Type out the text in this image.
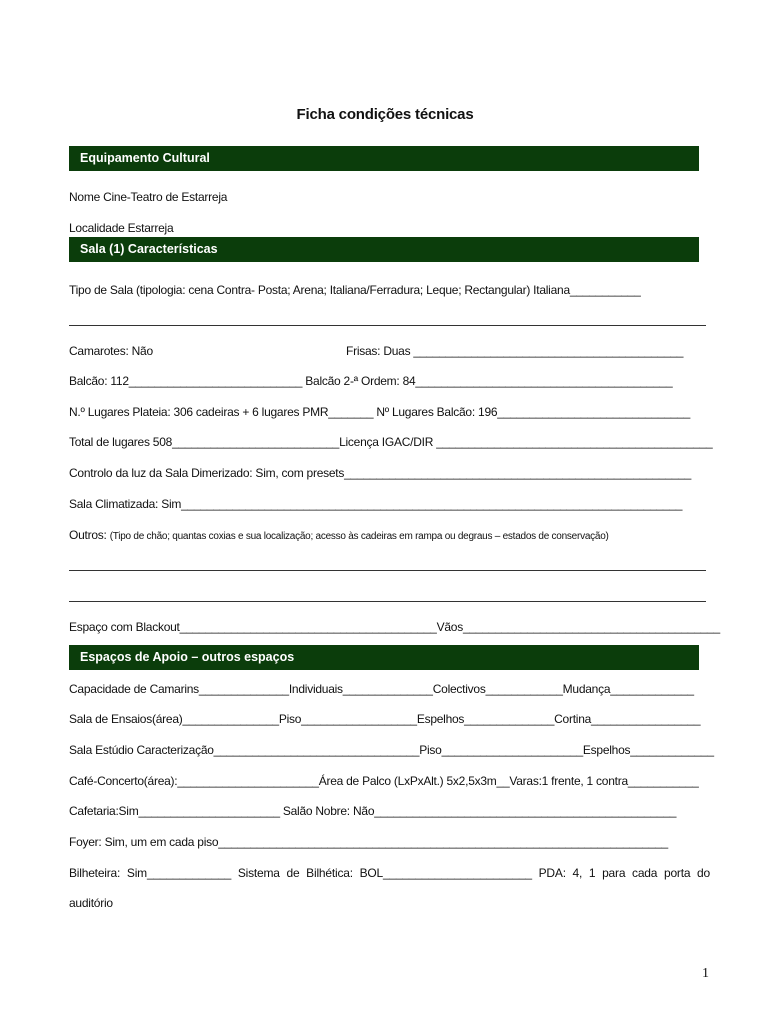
Ficha condições técnicas
Equipamento Cultural
Nome Cine-Teatro de Estarreja
Localidade Estarreja
Sala (1) Características
Tipo de Sala (tipologia: cena Contra- Posta; Arena; Italiana/Ferradura; Leque; Rectangular) Italiana___________
Camarotes: Não	Frisas: Duas __________________________________________
Balcão: 112___________________________ Balcão 2-ª Ordem: 84________________________________________
N.º Lugares Plateia: 306 cadeiras + 6 lugares PMR_______ Nº Lugares Balcão: 196______________________________
Total de lugares 508__________________________Licença IGAC/DIR ___________________________________________
Controlo da luz da Sala Dimerizado: Sim, com presets______________________________________________________
Sala Climatizada: Sim______________________________________________________________________________
Outros: (Tipo de chão; quantas coxias e sua localização; acesso às cadeiras em rampa ou degraus – estados de conservação)
Espaço com Blackout________________________________________Vãos________________________________________
Espaços de Apoio – outros espaços
Capacidade de Camarins______________Individuais______________Colectivos____________Mudança_____________
Sala de Ensaios(área)_______________Piso__________________Espelhos______________Cortina_________________
Sala Estúdio Caracterização________________________________Piso______________________Espelhos_____________
Café-Concerto(área):______________________Área de Palco (LxPxAlt.) 5x2,5x3m__Varas:1 frente, 1 contra___________
Cafetaria:Sim______________________ Salão Nobre: Não_______________________________________________
Foyer: Sim, um em cada piso______________________________________________________________________
Bilheteira: Sim_____________ Sistema de Bilhética: BOL_______________________ PDA: 4, 1 para cada porta do
auditório
1
